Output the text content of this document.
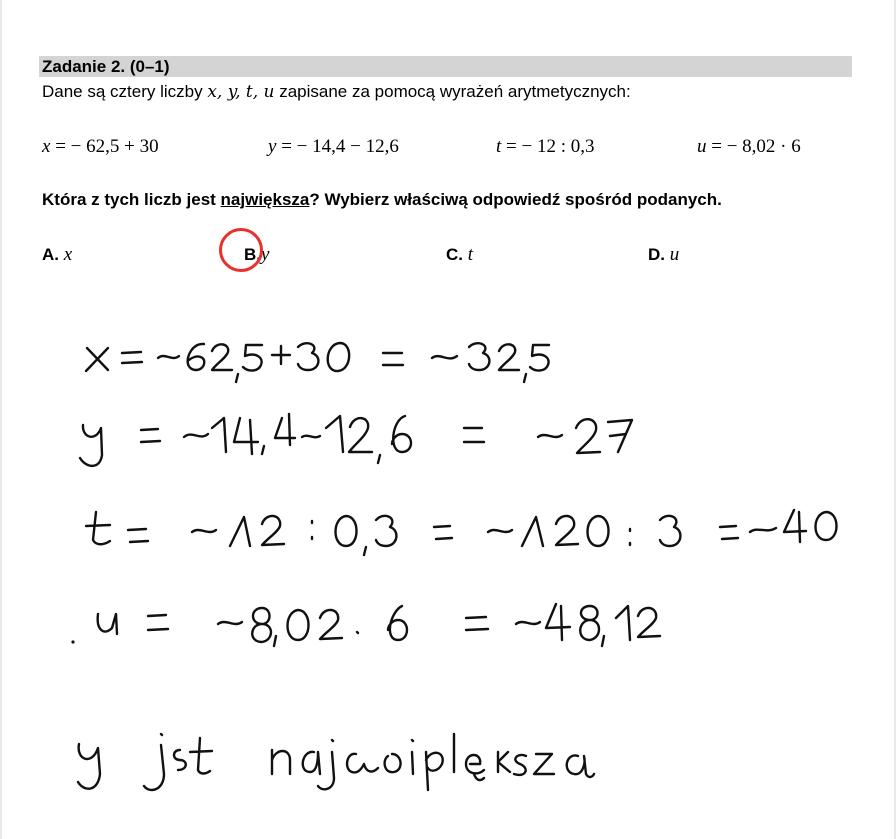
Zadanie 2. (0–1)
Dane są cztery liczby x, y, t, u zapisane za pomocą wyrażeń arytmetycznych:
x = − 62,5 + 30	y = − 14,4 − 12,6	t = − 12 : 0,3	u = − 8,02 · 6
Która z tych liczb jest największa? Wybierz właściwą odpowiedź spośród podanych.
A. x	B.y	C. t	D. u
